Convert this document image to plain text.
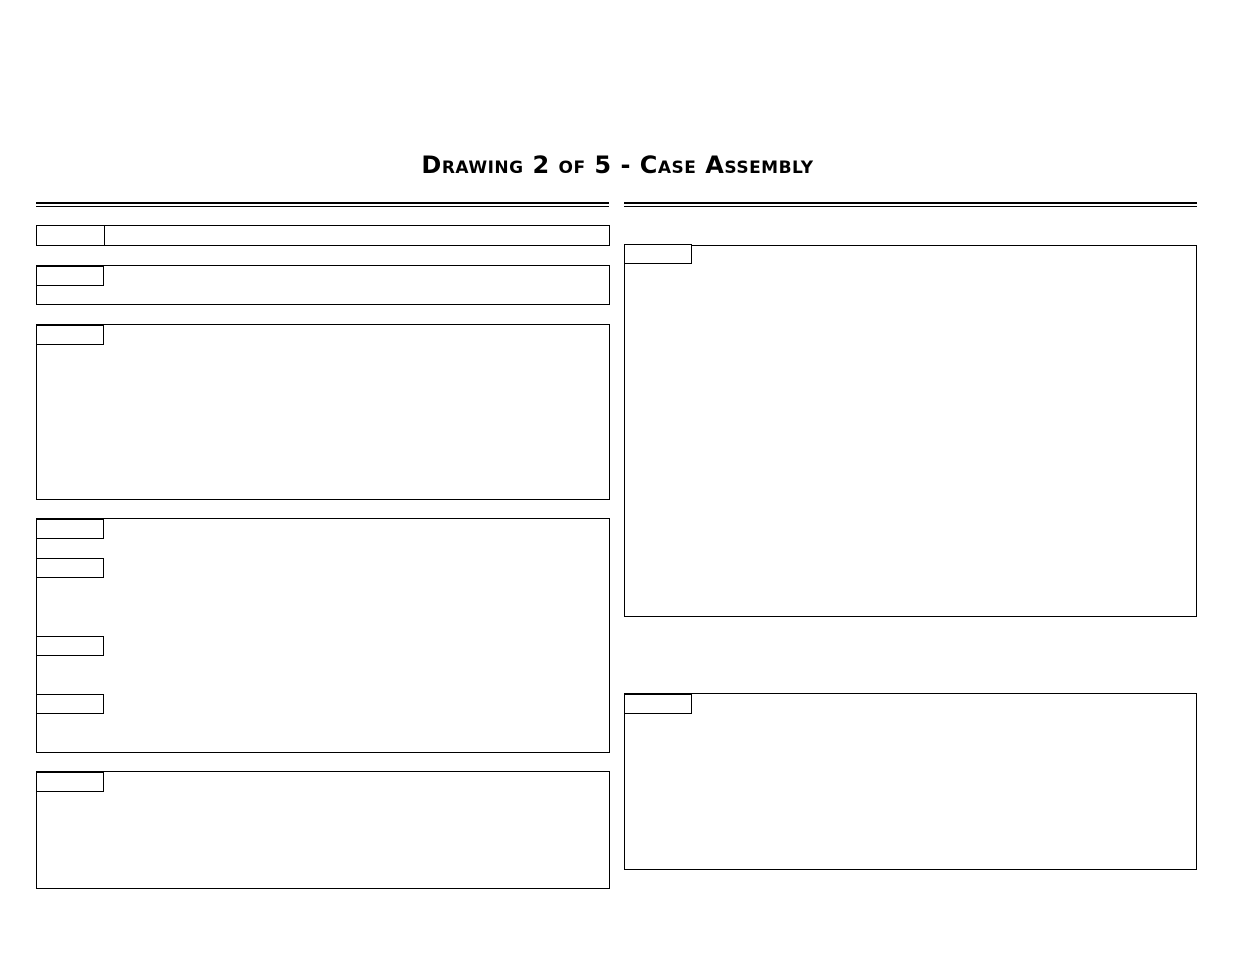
Drawing 2 of 5 - Case Assembly
